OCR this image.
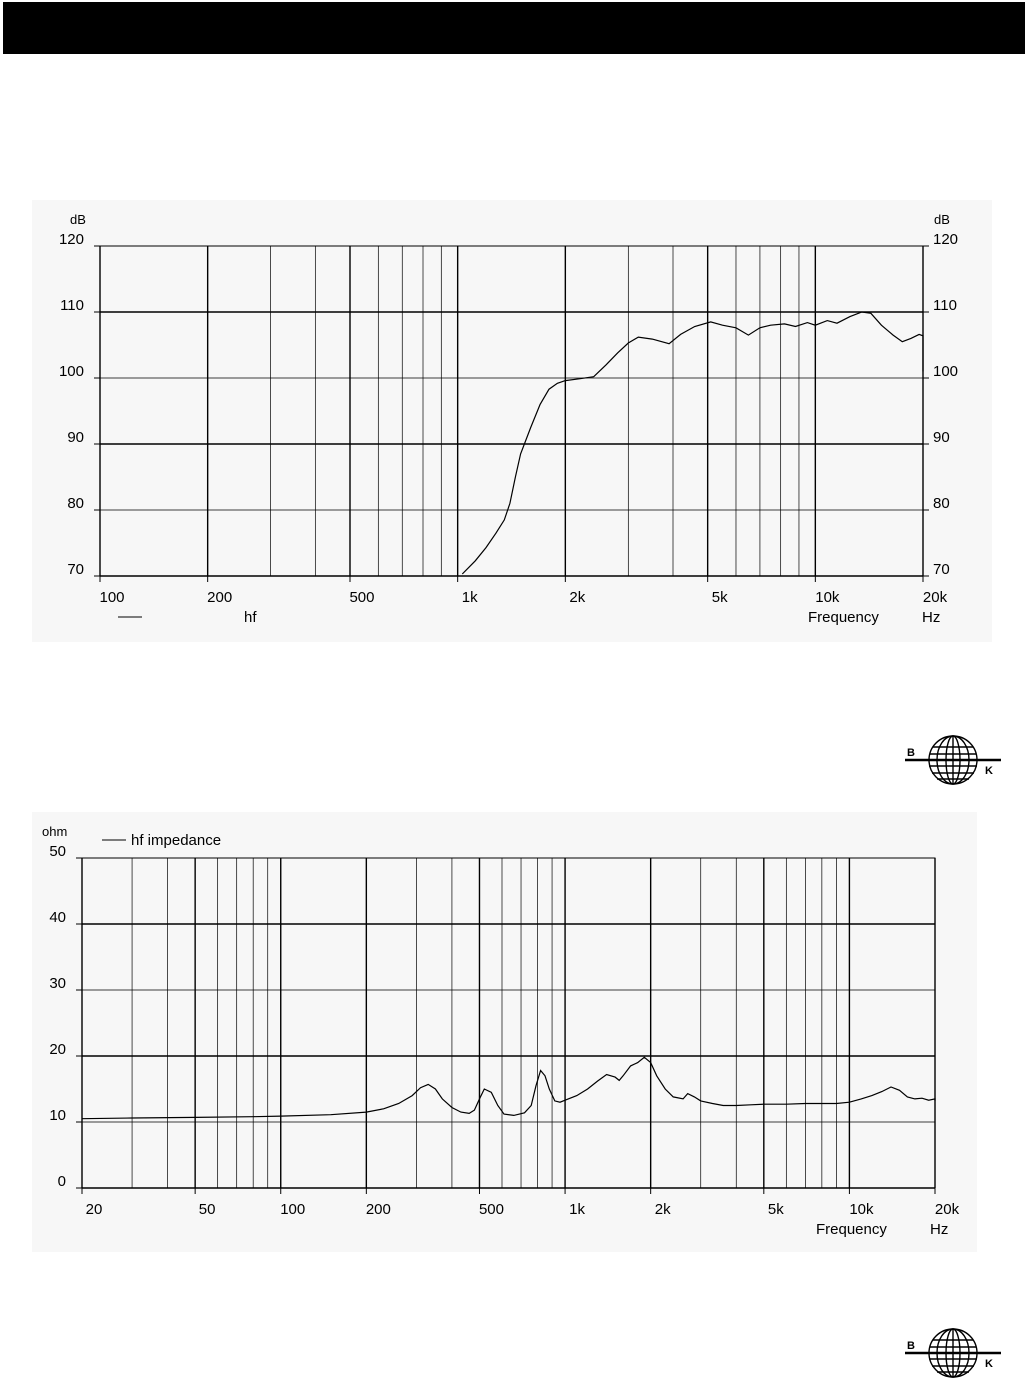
70
80
90
100
110
120
70
80
90
100
110
120
100	200	500	1k	2k	5k	10k	20k
dB	dB
Frequency	Hz
hf
0
10
20
30
40
50
20	50	100	200	500	1k	2k	5k	10k	20k
ohm
hf impedance
Frequency	Hz
B
K
B
K
